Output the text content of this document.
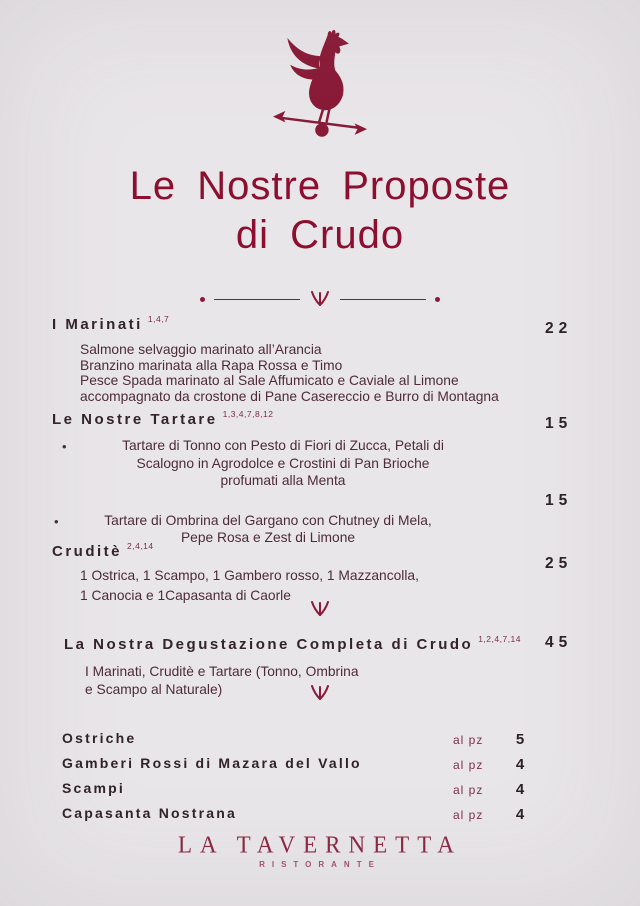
Le Nostre Proposte
di Crudo
I Marinati $^{1,4,7}$
22
Salmone selvaggio marinato all’Arancia
Branzino marinata alla Rapa Rossa e Timo
Pesce Spada marinato al Sale Affumicato e Caviale al Limone
accompagnato da crostone di Pane Casereccio e Burro di Montagna
Le Nostre Tartare $^{1,3,4,7,8,12}$
15
•	Tartare di Tonno con Pesto di Fiori di Zucca, Petali di
Scalogno in Agrodolce e Crostini di Pan Brioche
profumati alla Menta
15
•	Tartare di Ombrina del Gargano con Chutney di Mela,
Pepe Rosa e Zest di Limone
Cruditè $^{2,4,14}$
25
1 Ostrica, 1 Scampo, 1 Gambero rosso, 1 Mazzancolla,
1 Canocia e 1Capasanta di Caorle
La Nostra Degustazione Completa di Crudo $^{1,2,4,7,14}$	45
I Marinati, Cruditè e Tartare (Tonno, Ombrina
e Scampo al Naturale)
Ostriche	al pz	5
Gamberi Rossi di Mazara del Vallo	al pz	4
Scampi	al pz	4
Capasanta Nostrana	al pz	4
LA TAVERNETTA
RISTORANTE
